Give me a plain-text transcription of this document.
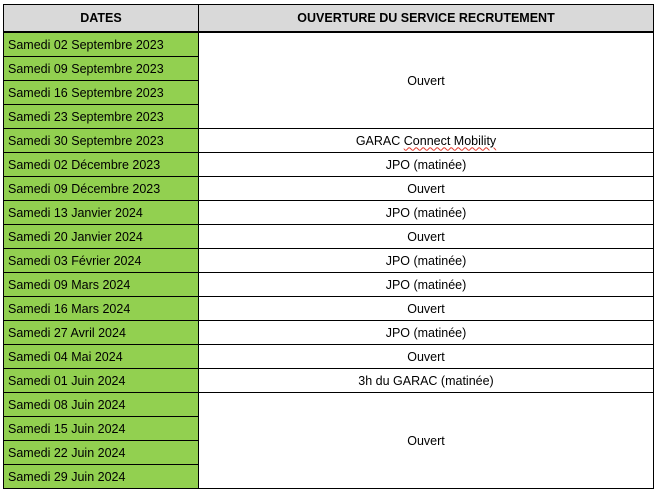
DATES	OUVERTURE DU SERVICE RECRUTEMENT
Samedi 02 Septembre 2023	Ouvert
Samedi 09 Septembre 2023	
Samedi 16 Septembre 2023	
Samedi 23 Septembre 2023	
Samedi 30 Septembre 2023	GARAC Connect Mobility
Samedi 02 Décembre 2023	JPO (matinée)
Samedi 09 Décembre 2023	Ouvert
Samedi 13 Janvier 2024	JPO (matinée)
Samedi 20 Janvier 2024	Ouvert
Samedi 03 Février 2024	JPO (matinée)
Samedi 09 Mars 2024	JPO (matinée)
Samedi 16 Mars 2024	Ouvert
Samedi 27 Avril 2024	JPO (matinée)
Samedi 04 Mai 2024	Ouvert
Samedi 01 Juin 2024	3h du GARAC (matinée)
Samedi 08 Juin 2024	Ouvert
Samedi 15 Juin 2024	
Samedi 22 Juin 2024	
Samedi 29 Juin 2024	
